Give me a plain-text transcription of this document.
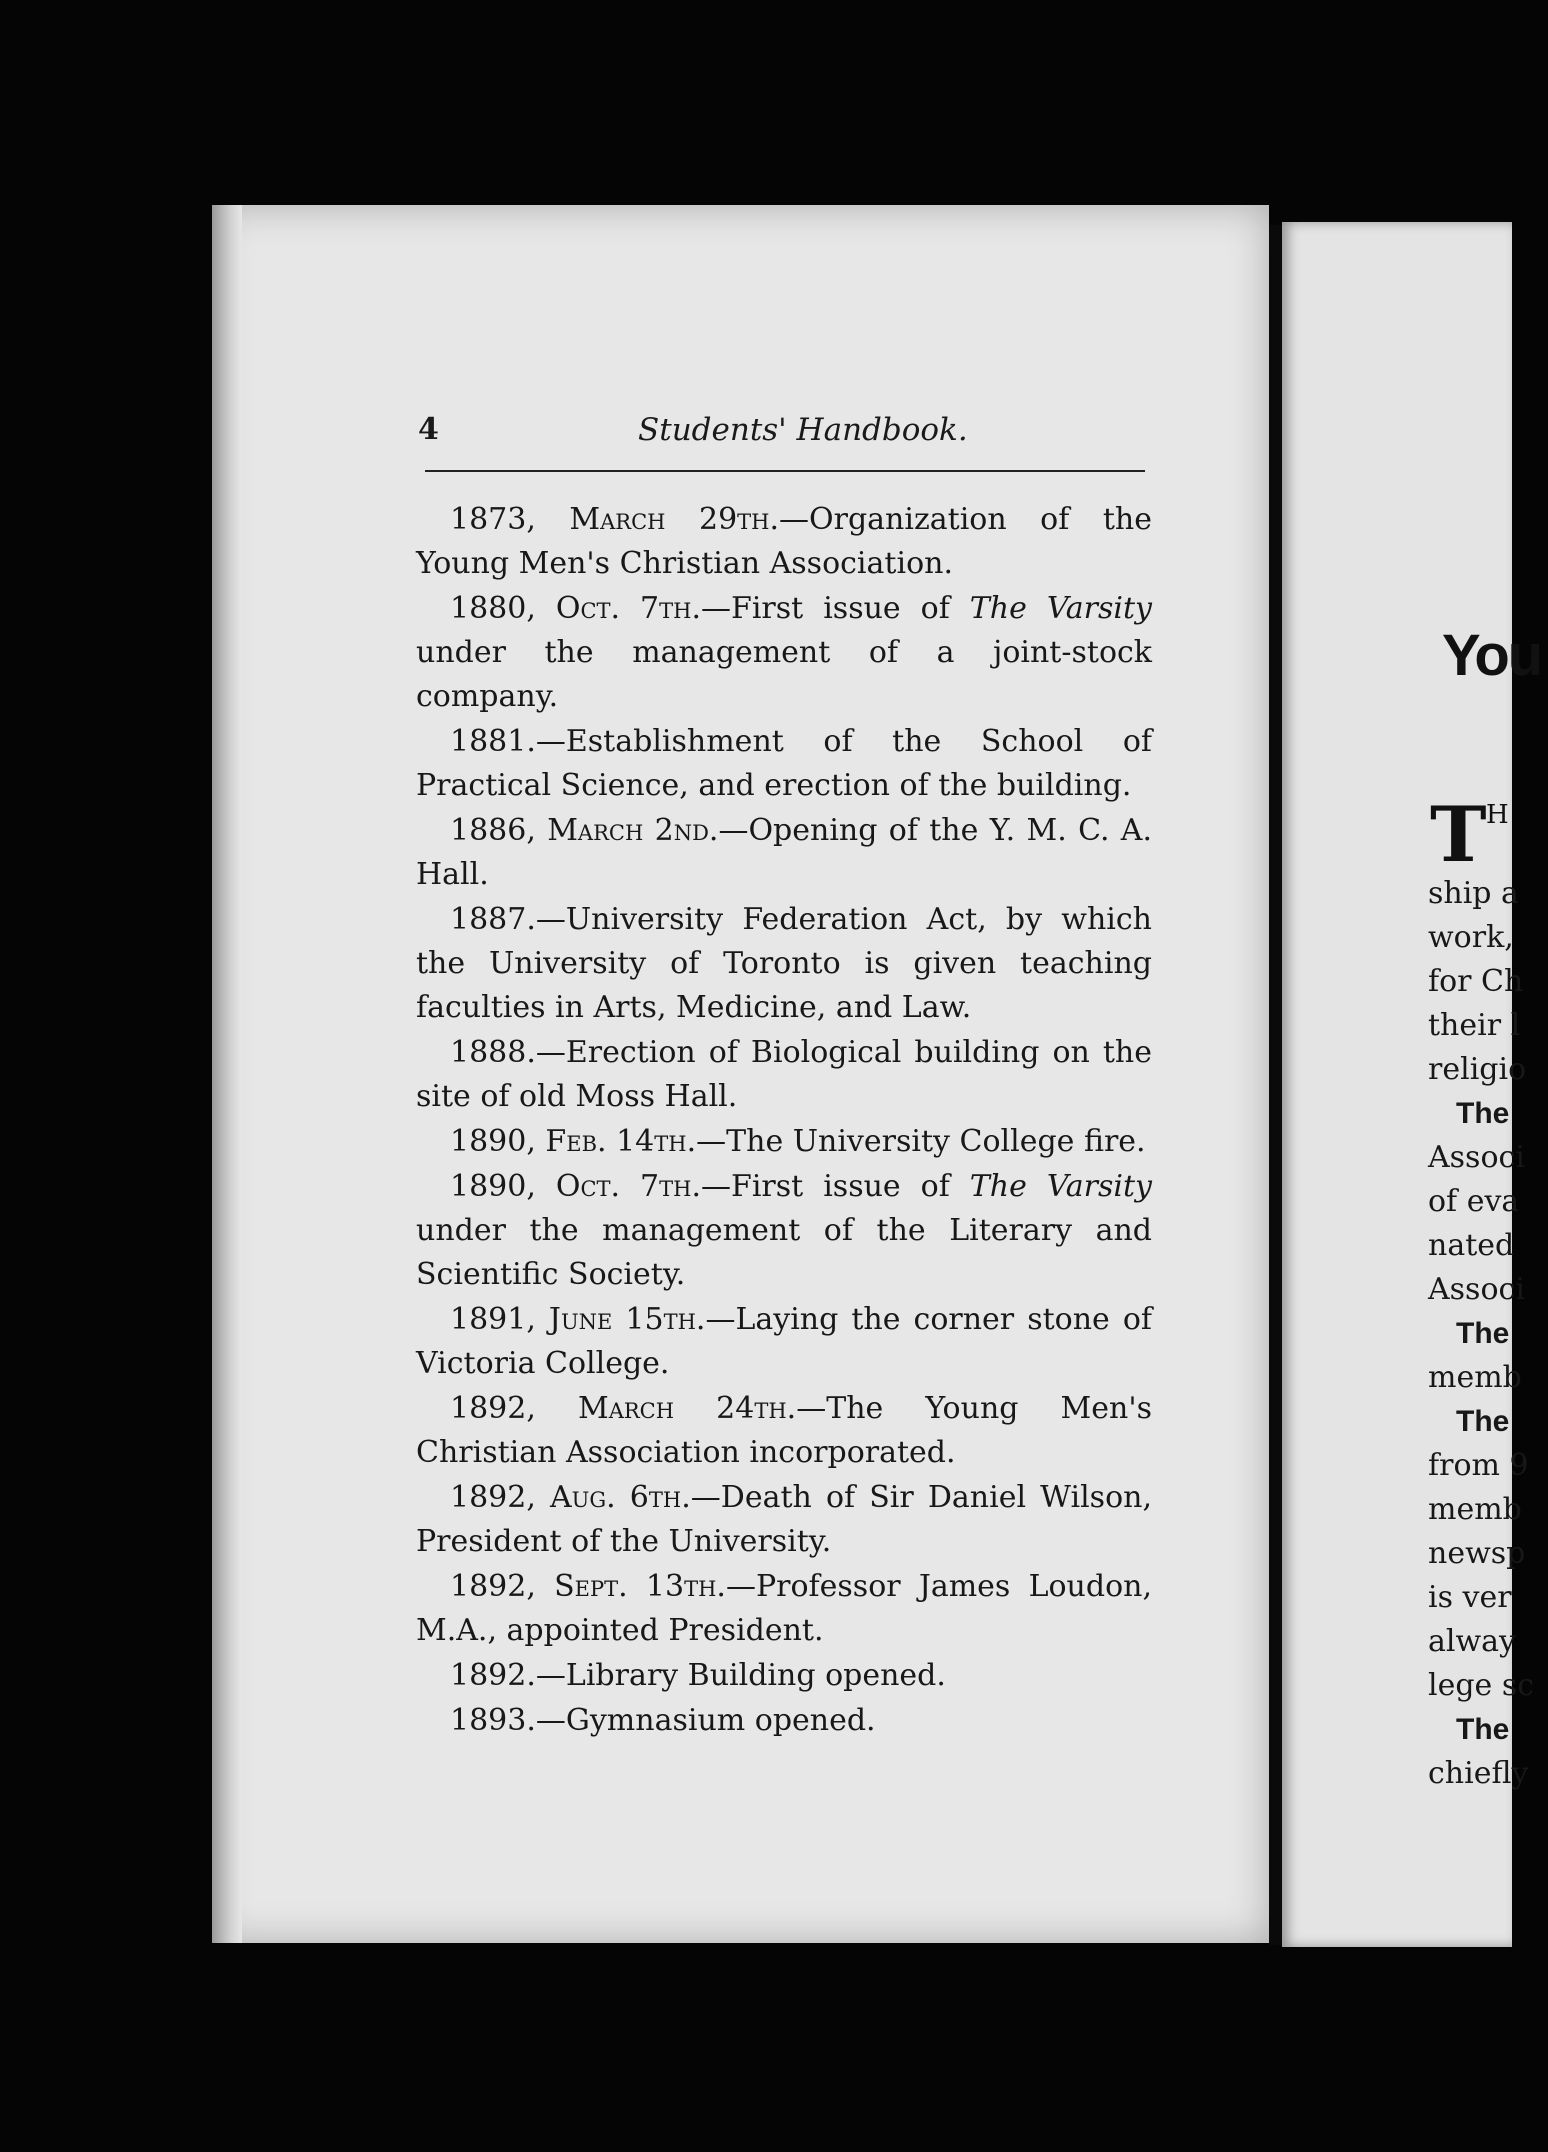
4	Students' Handbook.

1873, March 29th.—Organization of the Young Men's Christian Association.

1880, Oct. 7th.—First issue of The Varsity under the management of a joint-stock company.

1881.—Establishment of the School of Practical Science, and erection of the building.

1886, March 2nd.—Opening of the Y. M. C. A. Hall.

1887.—University Federation Act, by which the University of Toronto is given teaching faculties in Arts, Medicine, and Law.

1888.—Erection of Biological building on the site of old Moss Hall.

1890, Feb. 14th.—The University College fire.

1890, Oct. 7th.—First issue of The Varsity under the management of the Literary and Scientific Society.

1891, June 15th.—Laying the corner stone of Victoria College.

1892, March 24th.—The Young Men's Christian Association incorporated.

1892, Aug. 6th.—Death of Sir Daniel Wilson, President of the University.

1892, Sept. 13th.—Professor James Loudon, M.A., appointed President.

1892.—Library Building opened.

1893.—Gymnasium opened.

You
T H
ship a
work,
for Ch
their l
religio
The
Associ
of eva
nated
Associ
The
memb
The
from 9
memb
newsp
is ver
alway
lege sc
The
chiefly
